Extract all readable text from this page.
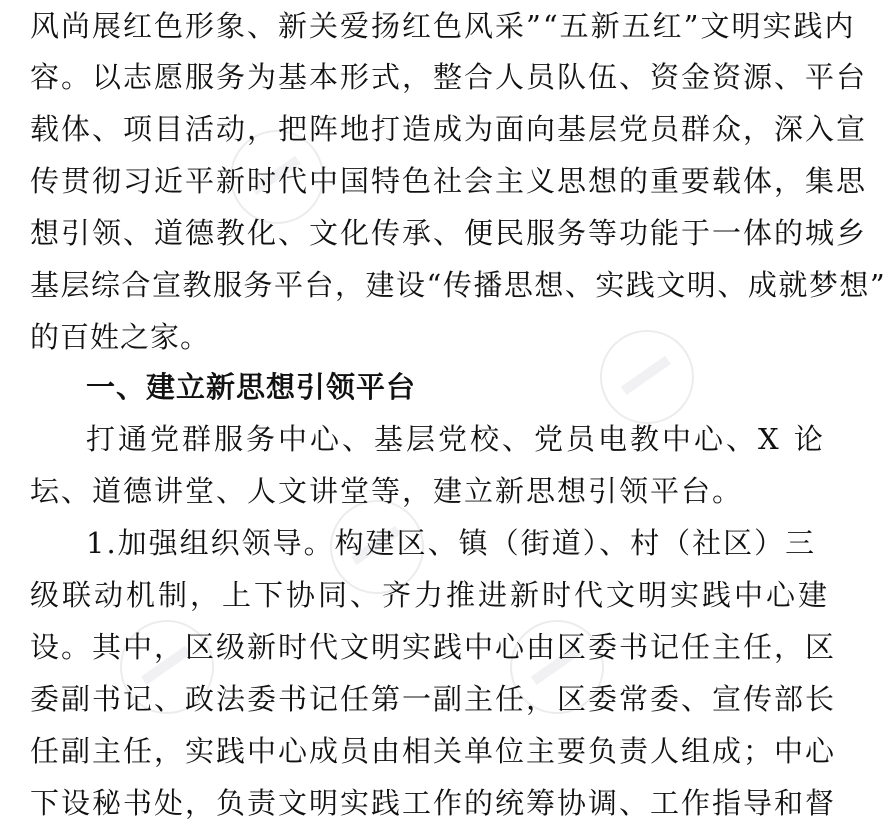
风尚展红色形象、新关爱扬红色风采”“五新五红”文明实践内
容。以志愿服务为基本形式，整合人员队伍、资金资源、平台
载体、项目活动，把阵地打造成为面向基层党员群众，深入宣
传贯彻习近平新时代中国特色社会主义思想的重要载体，集思
想引领、道德教化、文化传承、便民服务等功能于一体的城乡
基层综合宣教服务平台，建设“传播思想、实践文明、成就梦想”
的百姓之家。
一、建立新思想引领平台
打通党群服务中心、基层党校、党员电教中心、X 论
坛、道德讲堂、人文讲堂等，建立新思想引领平台。
1.加强组织领导。构建区、镇（街道）、村（社区）三
级联动机制，上下协同、齐力推进新时代文明实践中心建
设。其中，区级新时代文明实践中心由区委书记任主任，区
委副书记、政法委书记任第一副主任，区委常委、宣传部长
任副主任，实践中心成员由相关单位主要负责人组成；中心
下设秘书处，负责文明实践工作的统筹协调、工作指导和督
